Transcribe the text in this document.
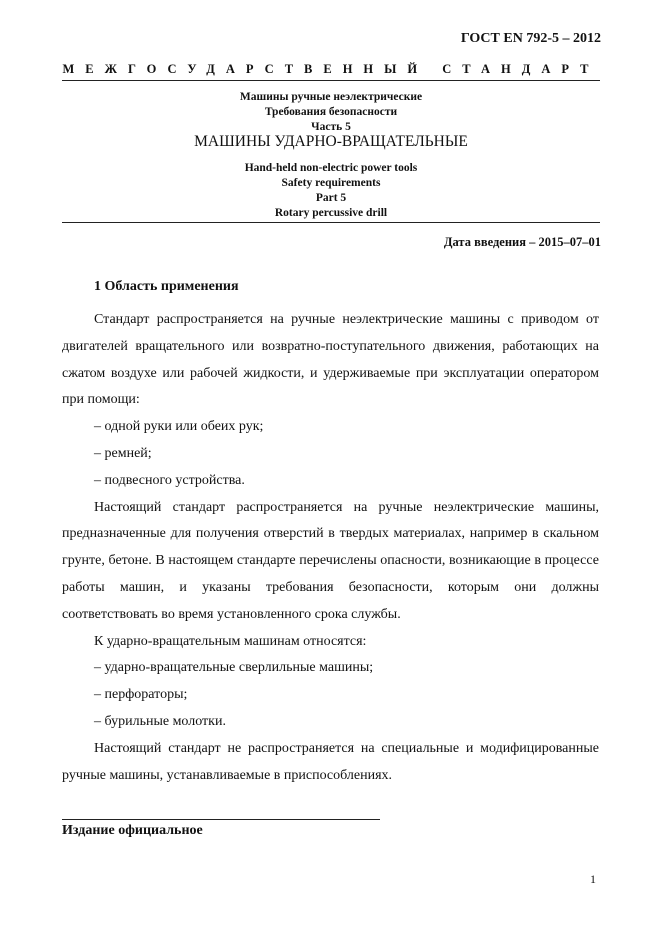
ГОСТ EN 792-5 – 2012
МЕЖГОСУДАРСТВЕННЫЙ СТАНДАРТ
Машины ручные неэлектрические
Требования безопасности
Часть 5
МАШИНЫ УДАРНО-ВРАЩАТЕЛЬНЫЕ
Hand-held non-electric power tools
Safety requirements
Part 5
Rotary percussive drill
Дата введения – 2015–07–01
1 Область применения
Стандарт распространяется на ручные неэлектрические машины с приводом от двигателей вращательного или возвратно-поступательного движения, работающих на сжатом воздухе или рабочей жидкости, и удерживаемые при эксплуатации оператором при помощи:
– одной руки или обеих рук;
– ремней;
– подвесного устройства.
Настоящий стандарт распространяется на ручные неэлектрические машины, предназначенные для получения отверстий в твердых материалах, например в скальном грунте, бетоне. В настоящем стандарте перечислены опасности, возникающие в процессе работы машин, и указаны требования безопасности, которым они должны соответствовать во время установленного срока службы.
К ударно-вращательным машинам относятся:
– ударно-вращательные сверлильные машины;
– перфораторы;
– бурильные молотки.
Настоящий стандарт не распространяется на специальные и модифицированные ручные машины, устанавливаемые в приспособлениях.
Издание официальное
1
